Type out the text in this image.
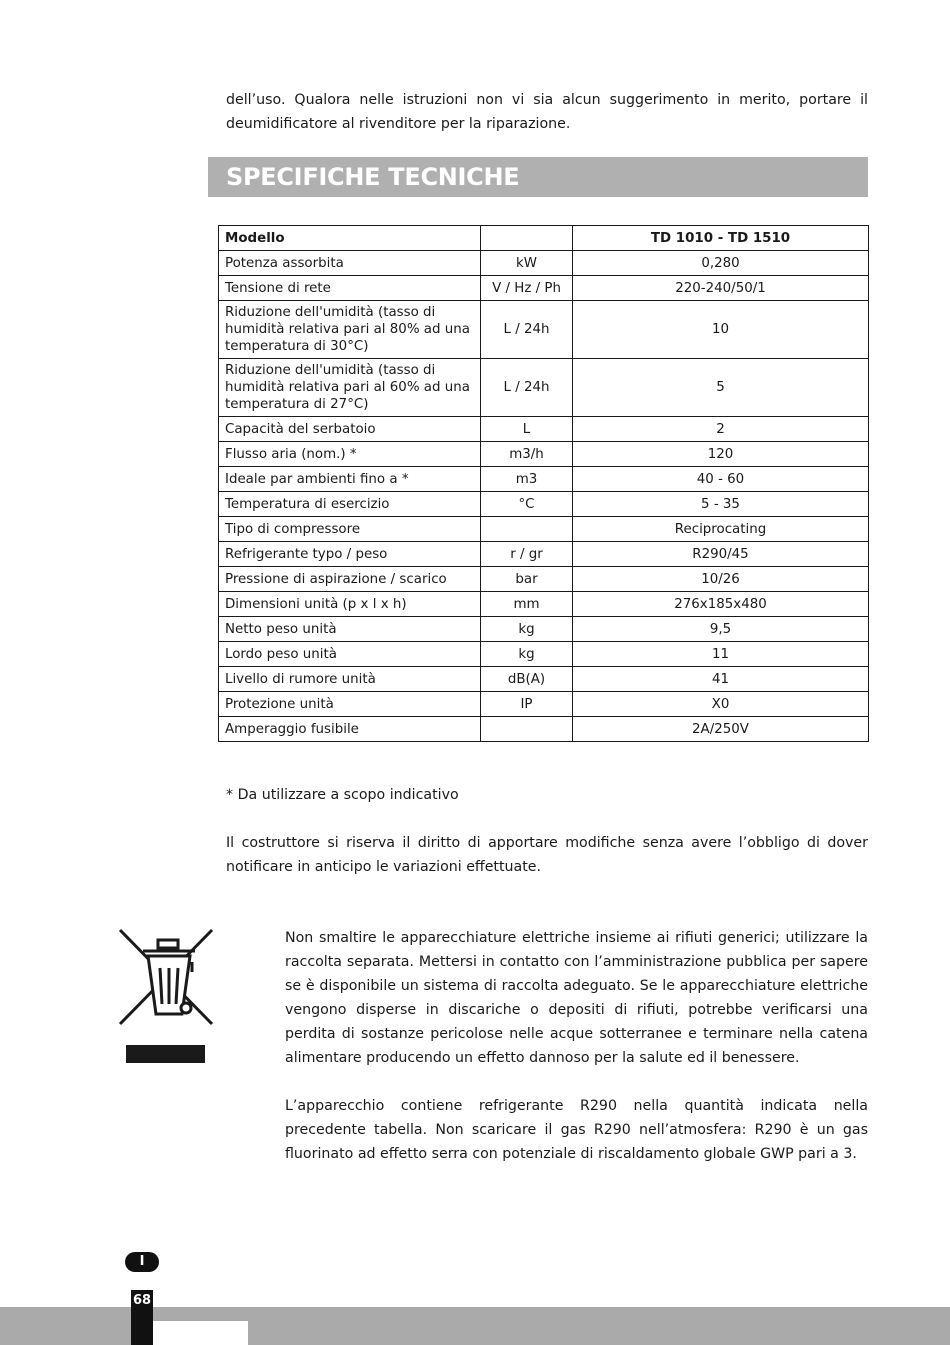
dell’uso. Qualora nelle istruzioni non vi sia alcun suggerimento in merito, portare il deumidificatore al rivenditore per la riparazione.

SPECIFICHE TECNICHE
Modello		TD 1010 - TD 1510
Potenza assorbita	kW	0,280
Tensione di rete	V / Hz / Ph	220-240/50/1
Riduzione dell'umidità (tasso di humidità relativa pari al 80% ad una temperatura di 30°C)	L / 24h	10
Riduzione dell'umidità (tasso di humidità relativa pari al 60% ad una temperatura di 27°C)	L / 24h	5
Capacità del serbatoio	L	2
Flusso aria (nom.) *	m3/h	120
Ideale par ambienti fino a *	m3	40 - 60
Temperatura di esercizio	°C	5 - 35
Tipo di compressore		Reciprocating
Refrigerante typo / peso	r / gr	R290/45
Pressione di aspirazione / scarico	bar	10/26
Dimensioni unità (p x l x h)	mm	276x185x480
Netto peso unità	kg	9,5
Lordo peso unità	kg	11
Livello di rumore unità	dB(A)	41
Protezione unità	IP	X0
Amperaggio fusibile		2A/250V

* Da utilizzare a scopo indicativo

Il costruttore si riserva il diritto di apportare modifiche senza avere l’obbligo di dover notificare in anticipo le variazioni effettuate.

Non smaltire le apparecchiature elettriche insieme ai rifiuti generici; utilizzare la raccolta separata. Mettersi in contatto con l’amministrazione pubblica per sapere se è disponibile un sistema di raccolta adeguato. Se le apparecchiature elettriche vengono disperse in discariche o depositi di rifiuti, potrebbe verificarsi una perdita di sostanze pericolose nelle acque sotterranee e terminare nella catena alimentare producendo un effetto dannoso per la salute ed il benessere.

L’apparecchio contiene refrigerante R290 nella quantità indicata nella precedente tabella. Non scaricare il gas R290 nell’atmosfera: R290 è un gas fluorinato ad effetto serra con potenziale di riscaldamento globale GWP pari a 3.

I
68
